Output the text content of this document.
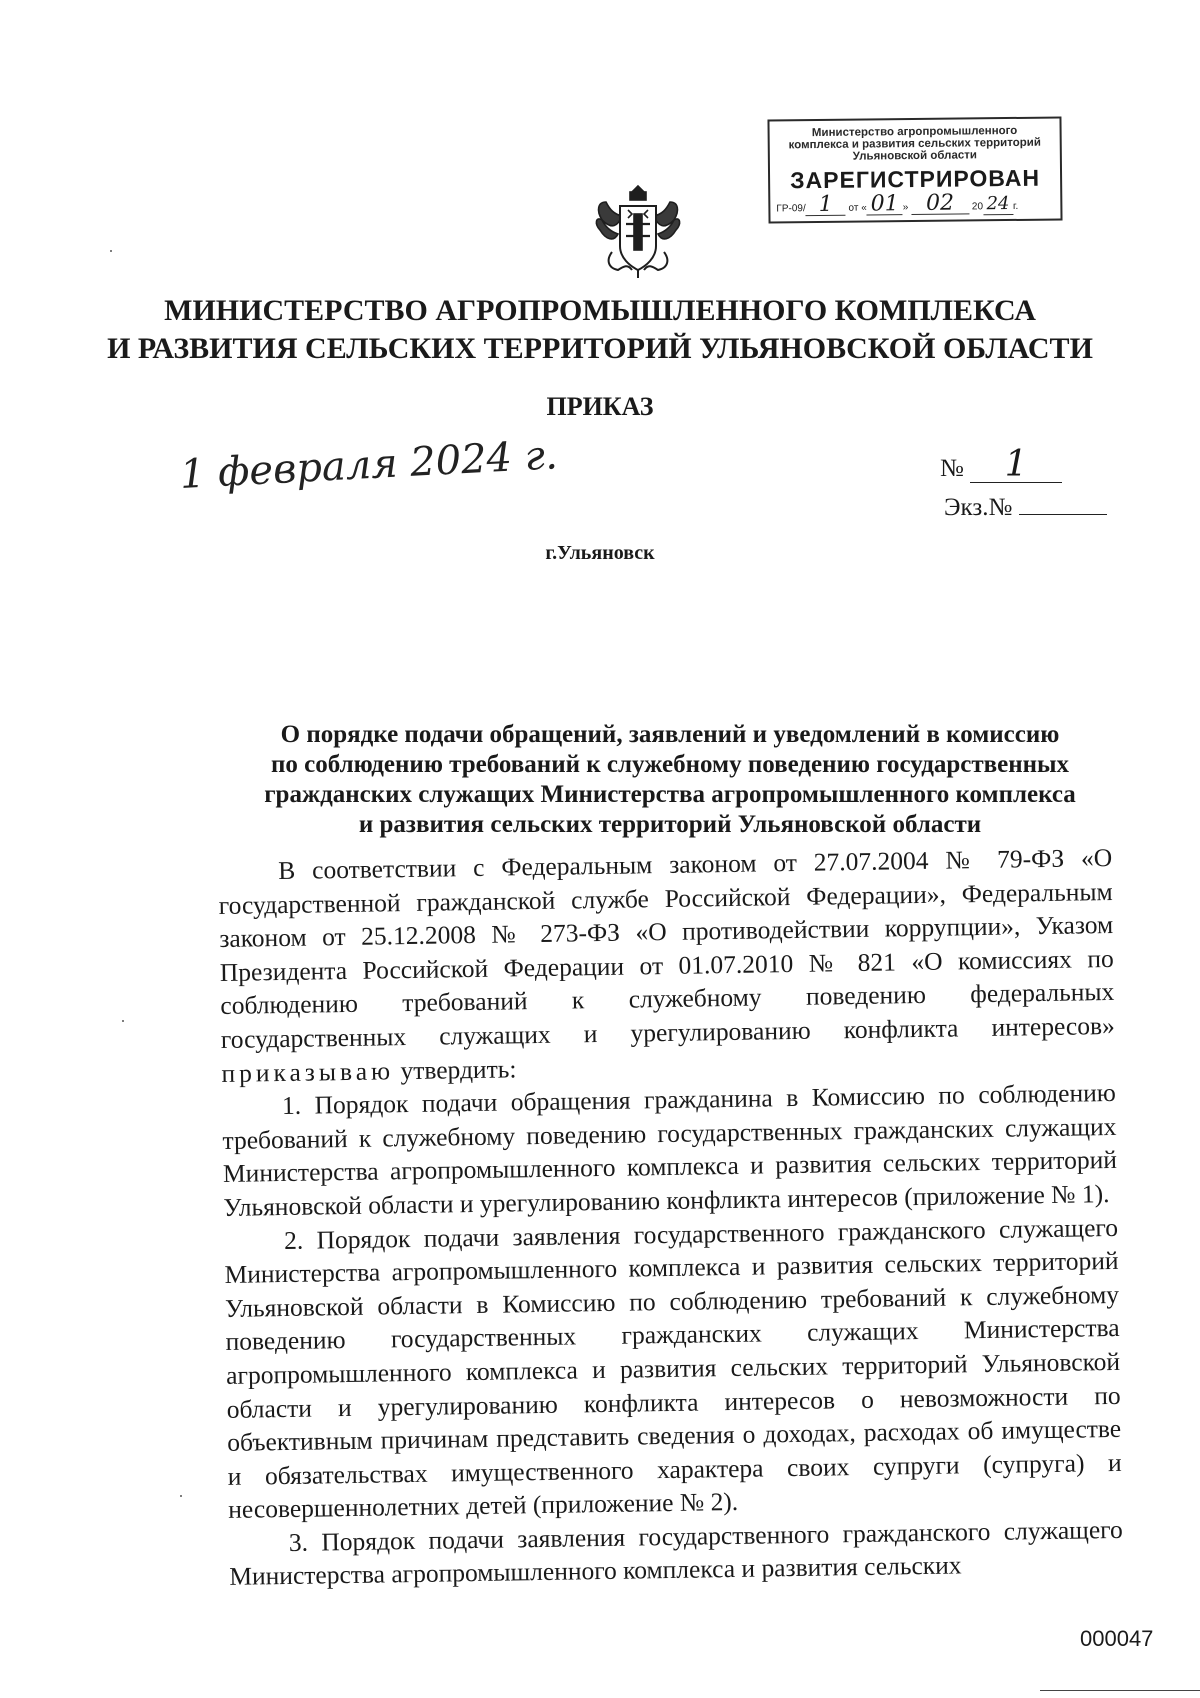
Министерство агропромышленного
комплекса и развития сельских территорий
Ульяновской области
ЗАРЕГИСТРИРОВАН
ГР-09/ 1 от « 01 » 02 20 24 г.
МИНИСТЕРСТВО АГРОПРОМЫШЛЕННОГО КОМПЛЕКСА
И РАЗВИТИЯ СЕЛЬСКИХ ТЕРРИТОРИЙ УЛЬЯНОВСКОЙ ОБЛАСТИ
ПРИКАЗ
1 февраля 2024 г.	№ 1
Экз.№
г.Ульяновск
О порядке подачи обращений, заявлений и уведомлений в комиссию
по соблюдению требований к служебному поведению государственных
гражданских служащих Министерства агропромышленного комплекса
и развития сельских территорий Ульяновской области

В соответствии с Федеральным законом от 27.07.2004 № 79-ФЗ «О государственной гражданской службе Российской Федерации», Федеральным законом от 25.12.2008 № 273-ФЗ «О противодействии коррупции», Указом Президента Российской Федерации от 01.07.2010 № 821 «О комиссиях по соблюдению требований к служебному поведению федеральных государственных служащих и урегулированию конфликта интересов» приказываю утвердить:

1. Порядок подачи обращения гражданина в Комиссию по соблюдению требований к служебному поведению государственных гражданских служащих Министерства агропромышленного комплекса и развития сельских территорий Ульяновской области и урегулированию конфликта интересов (приложение № 1).

2. Порядок подачи заявления государственного гражданского служащего Министерства агропромышленного комплекса и развития сельских территорий Ульяновской области в Комиссию по соблюдению требований к служебному поведению государственных гражданских служащих Министерства агропромышленного комплекса и развития сельских территорий Ульяновской области и урегулированию конфликта интересов о невозможности по объективным причинам представить сведения о доходах, расходах об имуществе и обязательствах имущественного характера своих супруги (супруга) и несовершеннолетних детей (приложение № 2).

3. Порядок подачи заявления государственного гражданского служащего Министерства агропромышленного комплекса и развития сельских

000047
